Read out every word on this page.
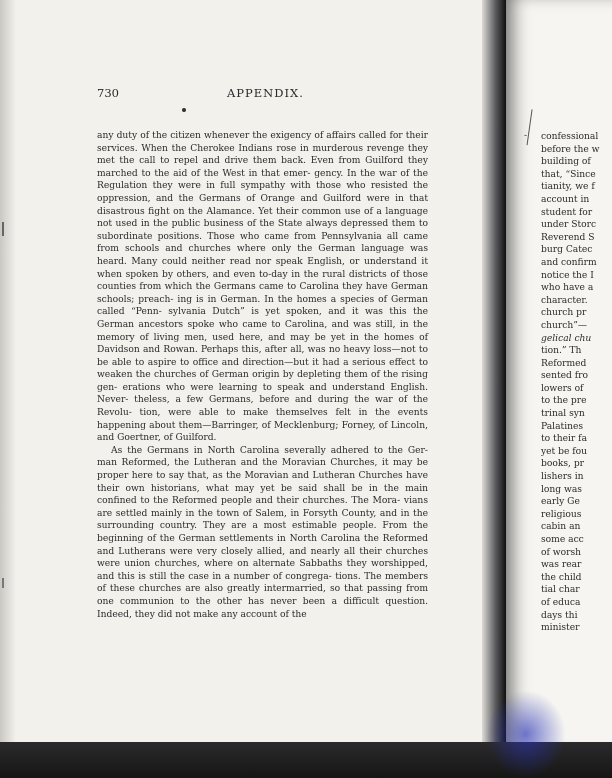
730	APPENDIX.

any duty of the citizen whenever the exigency of affairs called for their services. When the Cherokee Indians rose in murderous revenge they met the call to repel and drive them back. Even from Guilford they marched to the aid of the West in that emer- gency. In the war of the Regulation they were in full sympathy with those who resisted the oppression, and the Germans of Orange and Guilford were in that disastrous fight on the Alamance. Yet their common use of a language not used in the public business of the State always depressed them to subordinate positions. Those who came from Pennsylvania all came from schools and churches where only the German language was heard. Many could neither read nor speak English, or understand it when spoken by others, and even to-day in the rural districts of those counties from which the Germans came to Carolina they have German schools; preach- ing is in German. In the homes a species of German called “Penn- sylvania Dutch” is yet spoken, and it was this the German ancestors spoke who came to Carolina, and was still, in the memory of living men, used here, and may be yet in the homes of Davidson and Rowan. Perhaps this, after all, was no heavy loss—not to be able to aspire to office and direction—but it had a serious effect to weaken the churches of German origin by depleting them of the rising gen- erations who were learning to speak and understand English. Never- theless, a few Germans, before and during the war of the Revolu- tion, were able to make themselves felt in the events happening about them—Barringer, of Mecklenburg; Forney, of Lincoln, and Goertner, of Guilford.

As the Germans in North Carolina severally adhered to the Ger- man Reformed, the Lutheran and the Moravian Churches, it may be proper here to say that, as the Moravian and Lutheran Churches have their own historians, what may yet be said shall be in the main confined to the Reformed people and their churches. The Mora- vians are settled mainly in the town of Salem, in Forsyth County, and in the surrounding country. They are a most estimable people. From the beginning of the German settlements in North Carolina the Reformed and Lutherans were very closely allied, and nearly all their churches were union churches, where on alternate Sabbaths they worshipped, and this is still the case in a number of congrega- tions. The members of these churches are also greatly intermarried, so that passing from one communion to the other has never been a difficult question. Indeed, they did not make any account of the

- confessional
before the w
building of
that, “Since
tianity, we f
account in
student for
under Storc
Reverend S
burg Catec
and confirm
notice the I
who have a
character.
church pr
church”—
gelical chu
tion.” Th
Reformed
sented fro
lowers of
to the pre
trinal syn
Palatines
to their fa
yet be fou
books, pr
lishers in
long was
early Ge
religious
cabin an
some acc
of worsh
was rear
the child
tial char
of educa
days thi
minister
